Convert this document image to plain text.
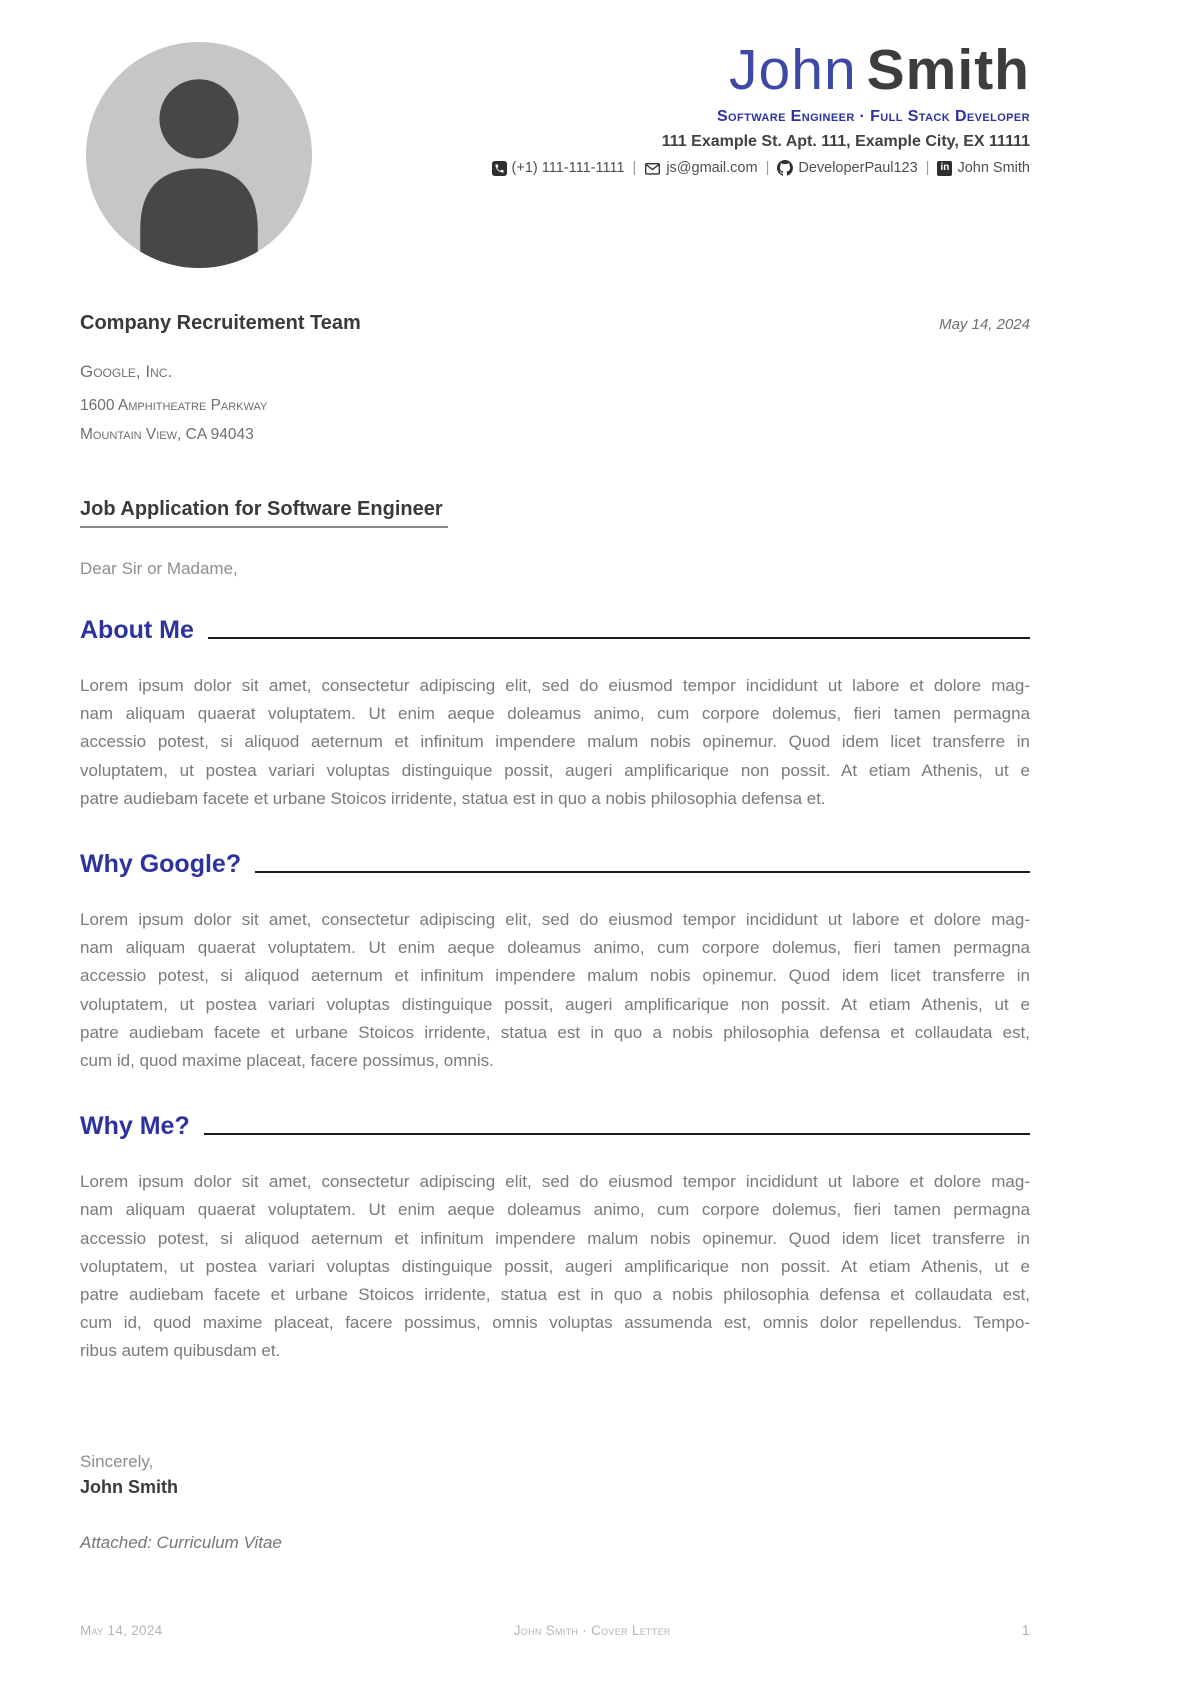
John Smith
Software Engineer · Full Stack Developer
111 Example St. Apt. 111, Example City, EX 11111
(+1) 111-111-1111 | js@gmail.com | DeveloperPaul123 |	in John Smith
Company Recruitement Team	May 14, 2024
Google, Inc.
1600 Amphitheatre Parkway
Mountain View, CA 94043
Job Application for Software Engineer
Dear Sir or Madame,
About Me
Lorem ipsum dolor sit amet, consectetur adipiscing elit, sed do eiusmod tempor incididunt ut labore et dolore mag-
nam aliquam quaerat voluptatem. Ut enim aeque doleamus animo, cum corpore dolemus, fieri tamen permagna
accessio potest, si aliquod aeternum et infinitum impendere malum nobis opinemur. Quod idem licet transferre in
voluptatem, ut postea variari voluptas distinguique possit, augeri amplificarique non possit. At etiam Athenis, ut e
patre audiebam facete et urbane Stoicos irridente, statua est in quo a nobis philosophia defensa et.
Why Google?
Lorem ipsum dolor sit amet, consectetur adipiscing elit, sed do eiusmod tempor incididunt ut labore et dolore mag-
nam aliquam quaerat voluptatem. Ut enim aeque doleamus animo, cum corpore dolemus, fieri tamen permagna
accessio potest, si aliquod aeternum et infinitum impendere malum nobis opinemur. Quod idem licet transferre in
voluptatem, ut postea variari voluptas distinguique possit, augeri amplificarique non possit. At etiam Athenis, ut e
patre audiebam facete et urbane Stoicos irridente, statua est in quo a nobis philosophia defensa et collaudata est,
cum id, quod maxime placeat, facere possimus, omnis.
Why Me?
Lorem ipsum dolor sit amet, consectetur adipiscing elit, sed do eiusmod tempor incididunt ut labore et dolore mag-
nam aliquam quaerat voluptatem. Ut enim aeque doleamus animo, cum corpore dolemus, fieri tamen permagna
accessio potest, si aliquod aeternum et infinitum impendere malum nobis opinemur. Quod idem licet transferre in
voluptatem, ut postea variari voluptas distinguique possit, augeri amplificarique non possit. At etiam Athenis, ut e
patre audiebam facete et urbane Stoicos irridente, statua est in quo a nobis philosophia defensa et collaudata est,
cum id, quod maxime placeat, facere possimus, omnis voluptas assumenda est, omnis dolor repellendus. Tempo-
ribus autem quibusdam et.
Sincerely,
John Smith
Attached: Curriculum Vitae
May 14, 2024	John Smith · Cover Letter	1
